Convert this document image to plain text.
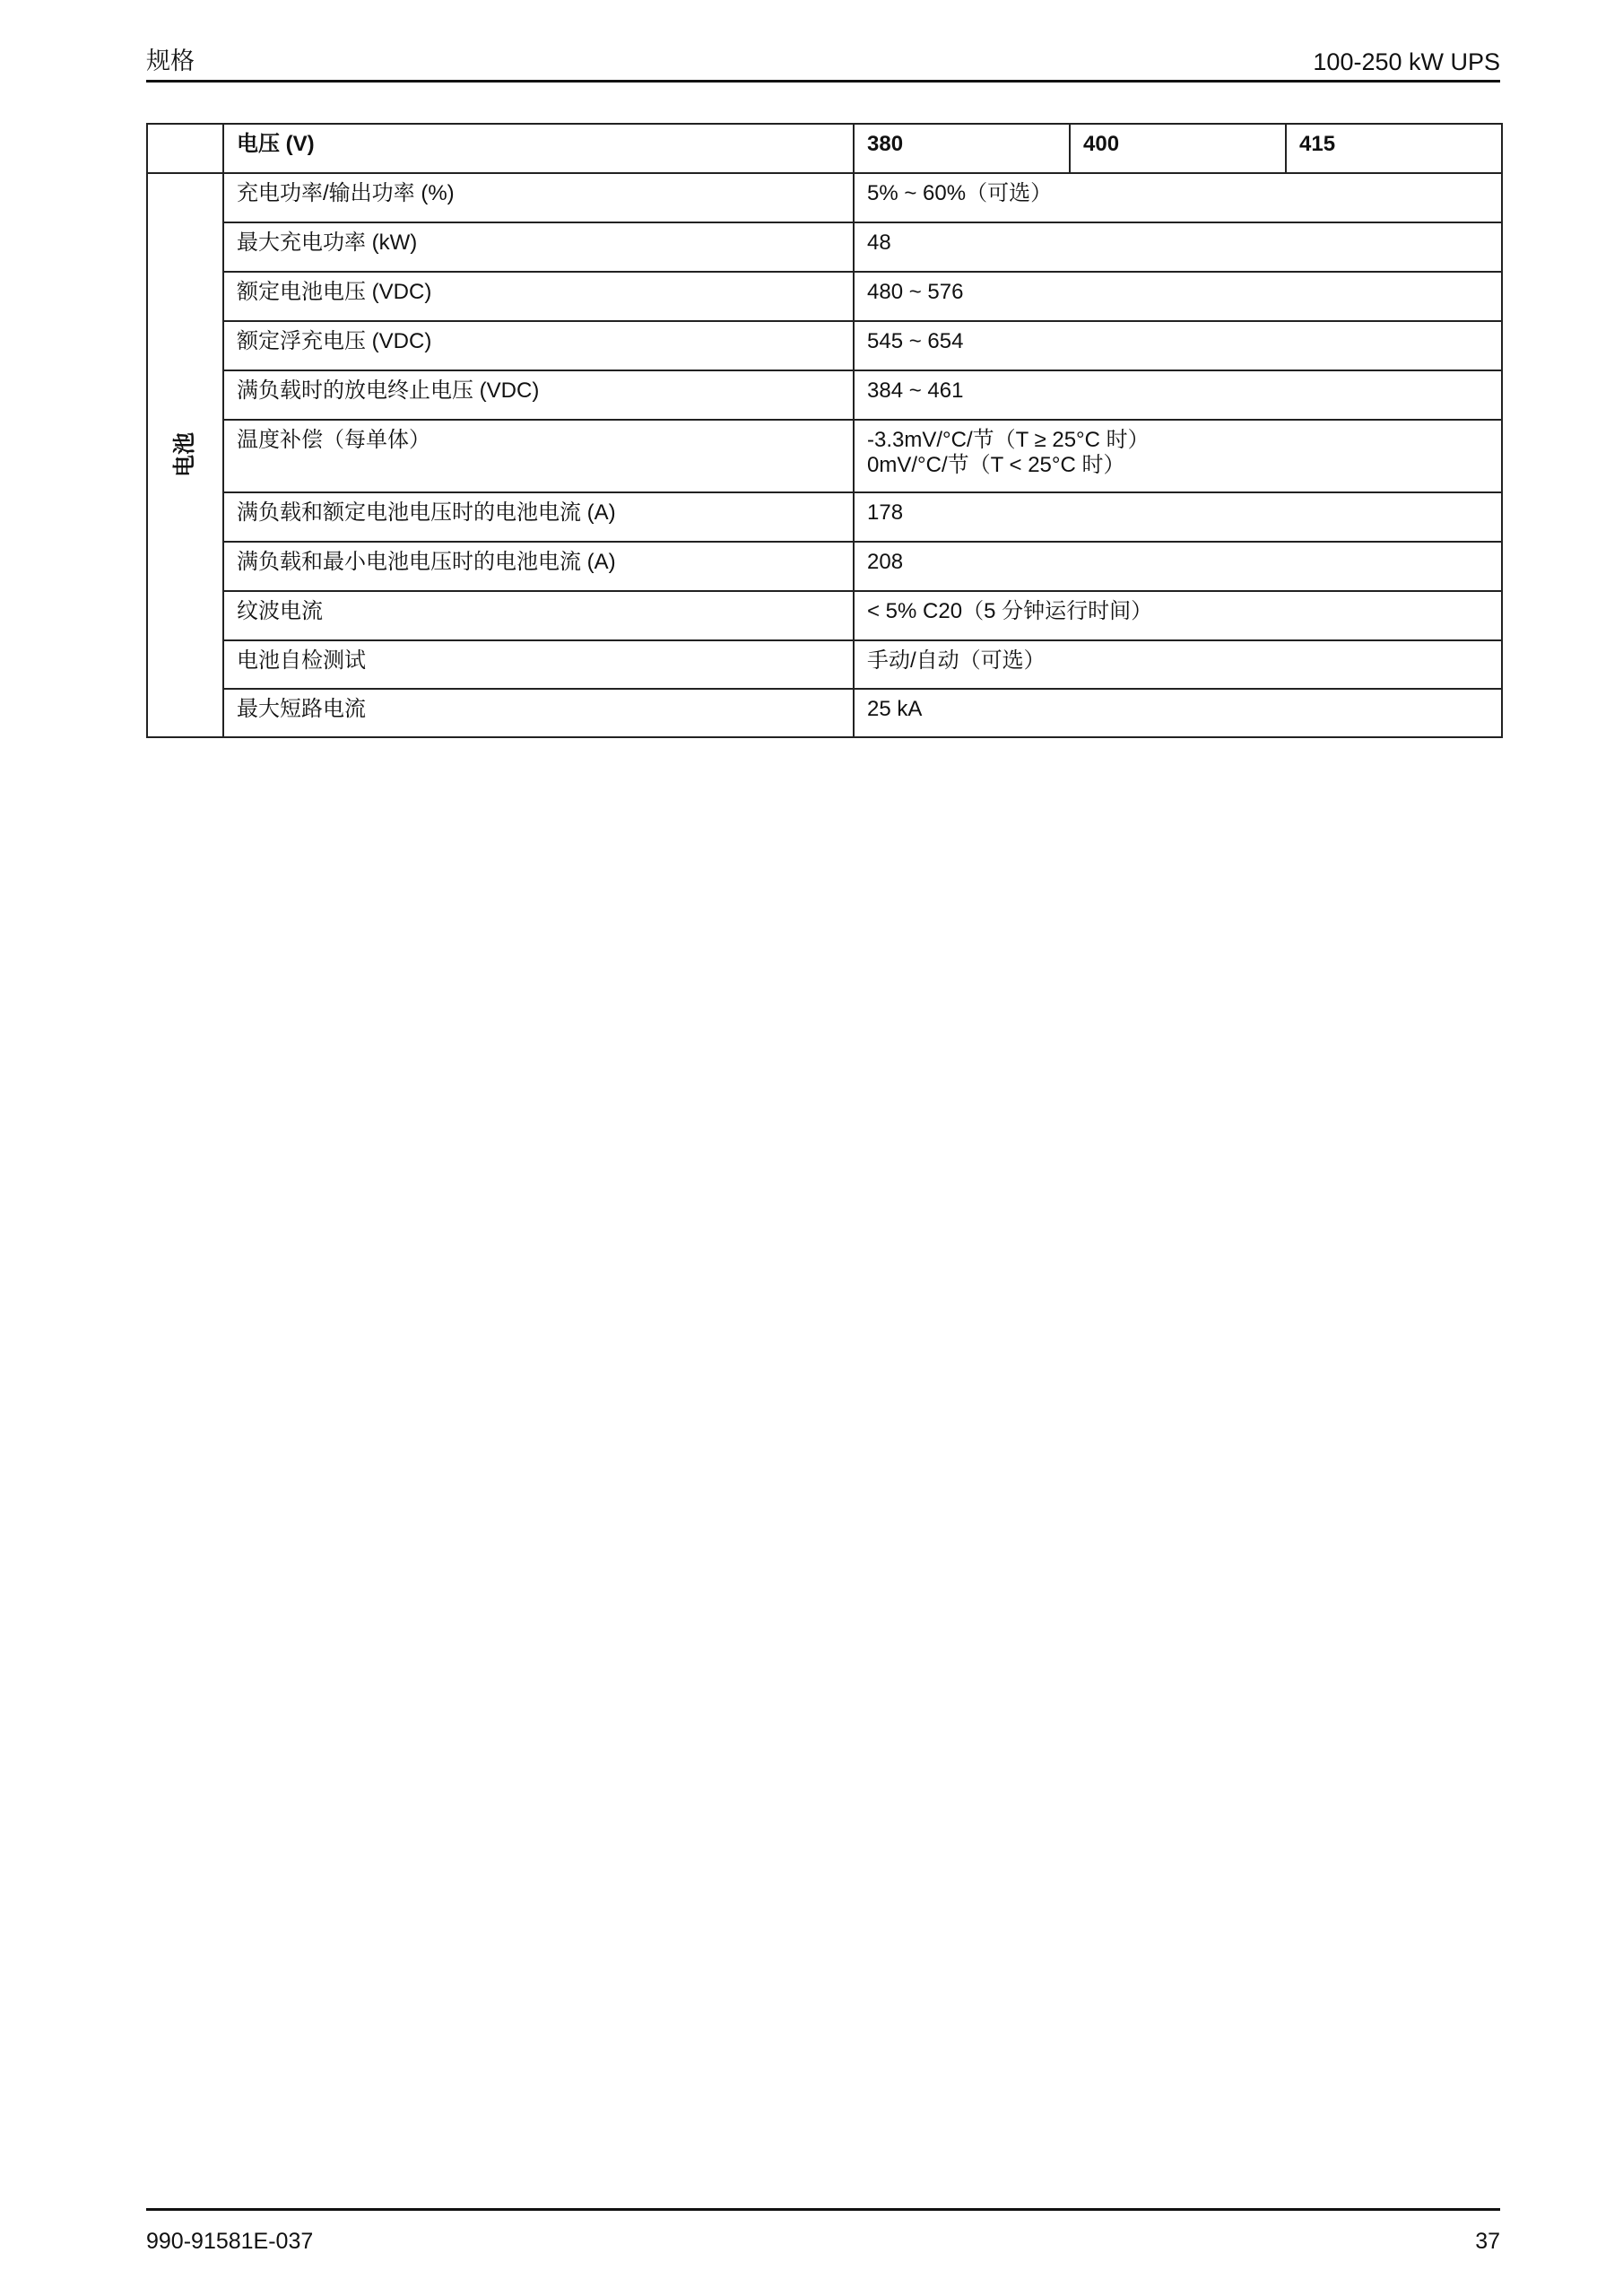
规格	100-250 kW UPS
	电压 (V)	380	400	415
电池	充电功率/输出功率 (%)	5% ~ 60%（可选）		

	最大充电功率 (kW)	48		

	额定电池电压 (VDC)	480 ~ 576		

	额定浮充电压 (VDC)	545 ~ 654		

	满负载时的放电终止电压 (VDC)	384 ~ 461		

	温度补偿（每单体）	-3.3mV/°C/节（T ≥ 25°C 时）
0mV/°C/节（T < 25°C 时）		

	满负载和额定电池电压时的电池电流 (A)	178		

	满负载和最小电池电压时的电池电流 (A)	208		

	纹波电流	< 5% C20（5 分钟运行时间）		

	电池自检测试	手动/自动（可选）		

	最大短路电流	25 kA		
990-91581E-037	37
